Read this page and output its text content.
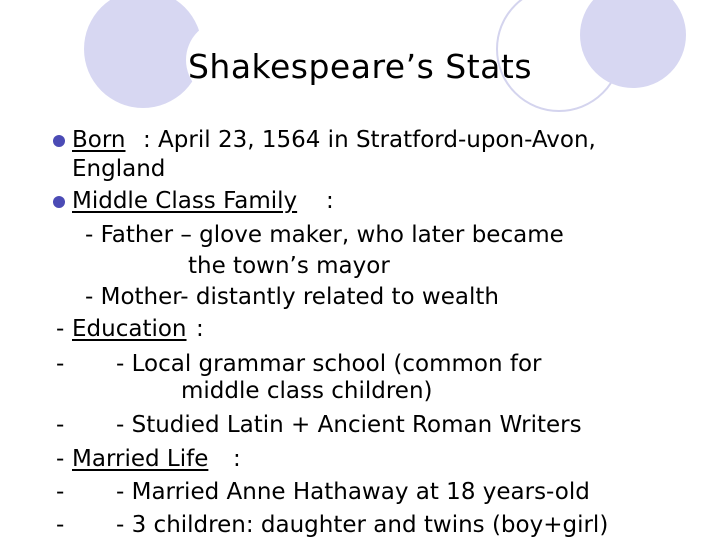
Shakespeare’s Stats
Born : April 23, 1564 in Stratford-upon-Avon,
England
Middle Class Family :
- Father – glove maker, who later became
the town’s mayor
- Mother- distantly related to wealth
- Education :
- - Local grammar school (common for
middle class children)
- - Studied Latin + Ancient Roman Writers
- Married Life :
- - Married Anne Hathaway at 18 years-old
- - 3 children: daughter and twins (boy+girl)
